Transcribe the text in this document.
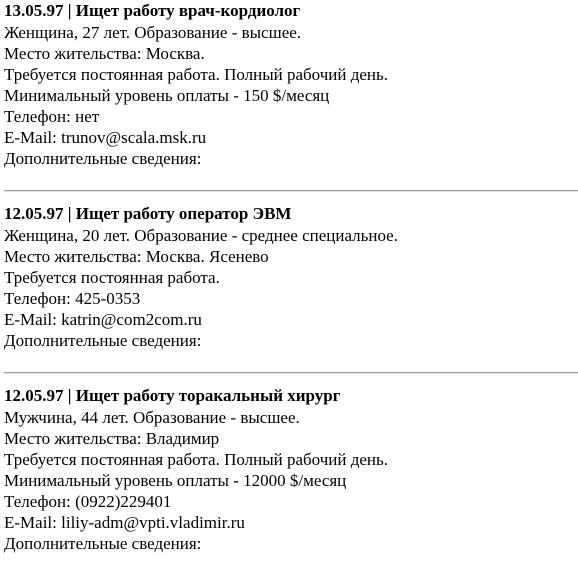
13.05.97 | Ищет работу врач-кордиолог
Женщина, 27 лет. Образование - высшее.
Место жительства: Москва.
Требуется постоянная работа. Полный рабочий день.
Минимальный уровень оплаты - 150 $/месяц
Телефон: нет
E-Mail: trunov@scala.msk.ru
Дополнительные сведения:
12.05.97 | Ищет работу оператор ЭВМ
Женщина, 20 лет. Образование - среднее специальное.
Место жительства: Москва. Ясенево
Требуется постоянная работа.
Телефон: 425-0353
E-Mail: katrin@com2com.ru
Дополнительные сведения:
12.05.97 | Ищет работу торакальный хирург
Мужчина, 44 лет. Образование - высшее.
Место жительства: Владимир
Требуется постоянная работа. Полный рабочий день.
Минимальный уровень оплаты - 12000 $/месяц
Телефон: (0922)229401
E-Mail: liliy-adm@vpti.vladimir.ru
Дополнительные сведения:
